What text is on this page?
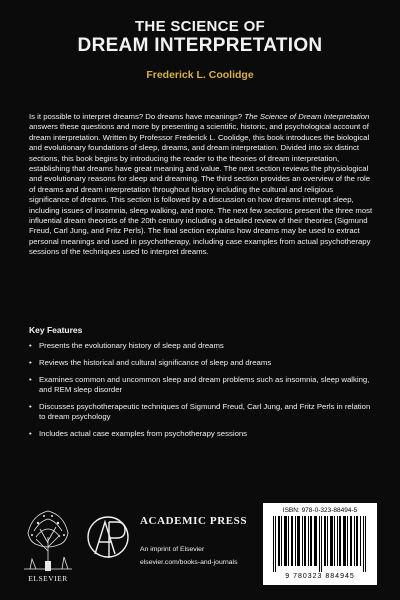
THE SCIENCE OF
DREAM INTERPRETATION
Frederick L. Coolidge

Is it possible to interpret dreams? Do dreams have meanings? The Science of Dream Interpretation answers these questions and more by presenting a scientific, historic, and psychological account of dream interpretation. Written by Professor Frederick L. Coolidge, this book introduces the biological and evolutionary foundations of sleep, dreams, and dream interpretation. Divided into six distinct sections, this book begins by introducing the reader to the theories of dream interpretation, establishing that dreams have great meaning and value. The next section reviews the physiological and evolutionary reasons for sleep and dreaming. The third section provides an overview of the role of dreams and dream interpretation throughout history including the cultural and religious significance of dreams. This section is followed by a discussion on how dreams interrupt sleep, including issues of insomnia, sleep walking, and more. The next few sections present the three most influential dream theorists of the 20th century including a detailed review of their theories (Sigmund Freud, Carl Jung, and Fritz Perls). The final section explains how dreams may be used to extract personal meanings and used in psychotherapy, including case examples from actual psychotherapy sessions of the techniques used to interpret dreams.

Key Features
• Presents the evolutionary history of sleep and dreams
• Reviews the historical and cultural significance of sleep and dreams
• Examines common and uncommon sleep and dream problems such as insomnia, sleep walking, and REM sleep disorder
• Discusses psychotherapeutic techniques of Sigmund Freud, Carl Jung, and Fritz Perls in relation to dream psychology
• Includes actual case examples from psychotherapy sessions
ELSEVIER
ACADEMIC PRESS
An imprint of Elsevier
elsevier.com/books-and-journals
ISBN: 978-0-323-88494-5
9 780323 884945
